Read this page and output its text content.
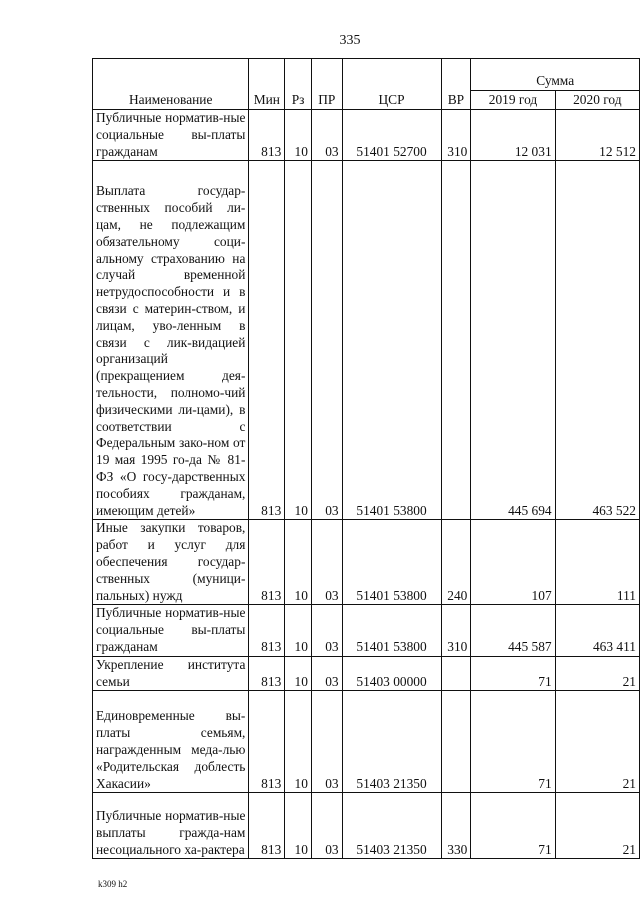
335
Наименование	Мин	Рз	ПР	ЦСР	ВР	Сумма	
						2019 год	2020 год
Публичные норматив-ные социальные вы-платы гражданам	813	10	03	51401 52700	310	12 031	12 512
Выплата государ-ственных пособий ли-цам, не подлежащим обязательному соци-альному страхованию на случай временной нетрудоспособности и в связи с материн-ством, и лицам, уво-ленным в связи с лик-видацией организаций (прекращением дея-тельности, полномо-чий физическими ли-цами), в соответствии с Федеральным зако-ном от 19 мая 1995 го-да № 81-ФЗ «О госу-дарственных пособиях гражданам, имеющим детей»	813	10	03	51401 53800		445 694	463 522
Иные закупки товаров, работ и услуг для обеспечения государ-ственных (муници-пальных) нужд	813	10	03	51401 53800	240	107	111
Публичные норматив-ные социальные вы-платы гражданам	813	10	03	51401 53800	310	445 587	463 411
Укрепление института семьи	813	10	03	51403 00000		71	21
Единовременные вы-платы семьям, награжденным меда-лью «Родительская доблесть Хакасии»	813	10	03	51403 21350		71	21
Публичные норматив-ные выплаты гражда-нам несоциального ха-рактера	813	10	03	51403 21350	330	71	21
k309 h2
